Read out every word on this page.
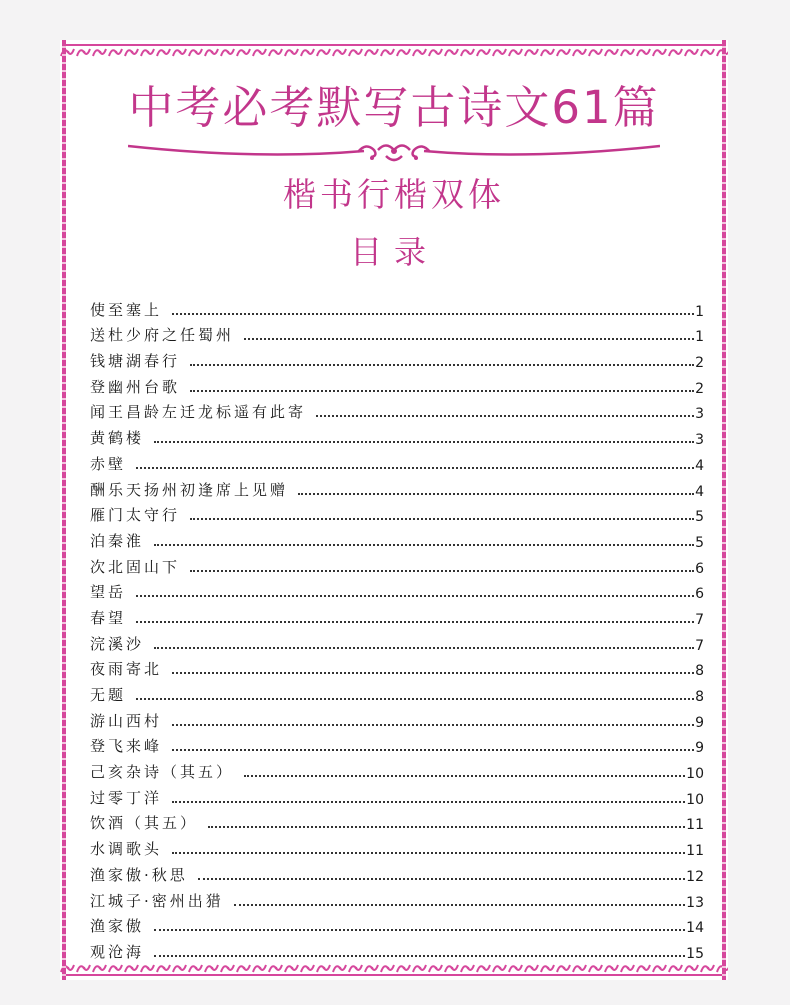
中考必考默写古诗文61篇
楷书行楷双体
目录
使至塞上	1
送杜少府之任蜀州	1
钱塘湖春行	2
登幽州台歌	2
闻王昌龄左迁龙标遥有此寄	3
黄鹤楼	3
赤壁	4
酬乐天扬州初逢席上见赠	4
雁门太守行	5
泊秦淮	5
次北固山下	6
望岳	6
春望	7
浣溪沙	7
夜雨寄北	8
无题	8
游山西村	9
登飞来峰	9
己亥杂诗（其五）	10
过零丁洋	10
饮酒（其五）	11
水调歌头	11
渔家傲·秋思	12
江城子·密州出猎	13
渔家傲	14
观沧海	15
